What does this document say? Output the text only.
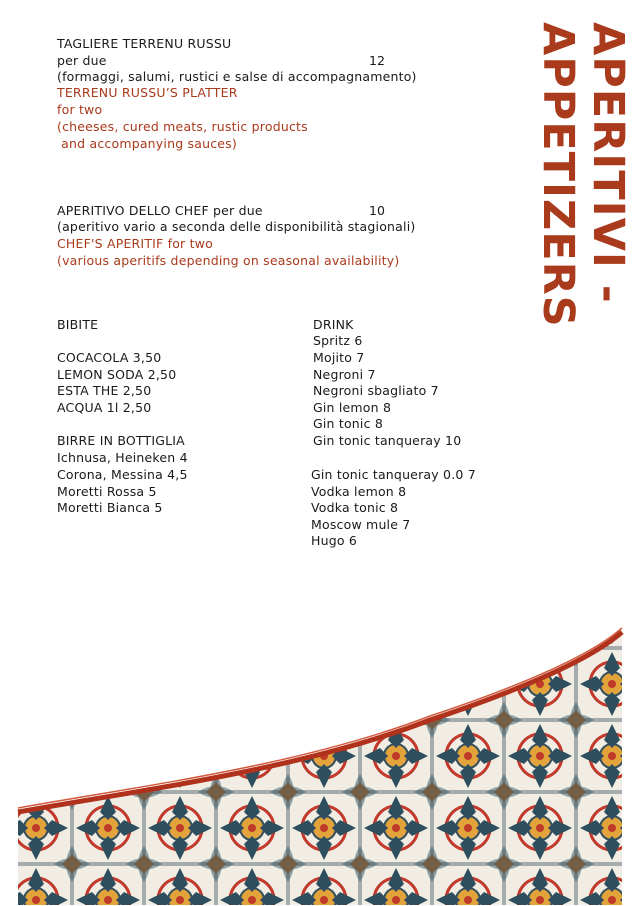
TAGLIERE TERRENU RUSSU
per due	12
(formaggi, salumi, rustici e salse di accompagnamento)
TERRENU RUSSU’S PLATTER
for two
(cheeses, cured meats, rustic products
and accompanying sauces)
APERITIVO DELLO CHEF per due	10
(aperitivo vario a seconda delle disponibilità stagionali)
CHEF'S APERITIF for two
(various aperitifs depending on seasonal availability)
BIBITE
COCACOLA 3,50
LEMON SODA 2,50
ESTA THE 2,50
ACQUA 1l 2,50
BIRRE IN BOTTIGLIA
Ichnusa, Heineken 4
Corona, Messina 4,5
Moretti Rossa 5
Moretti Bianca 5
DRINK
Spritz 6
Mojito 7
Negroni 7
Negroni sbagliato 7
Gin lemon 8
Gin tonic 8
Gin tonic tanqueray 10
Gin tonic tanqueray 0.0 7
Vodka lemon 8
Vodka tonic 8
Moscow mule 7
Hugo 6
APERITIVI - APPETIZERS
